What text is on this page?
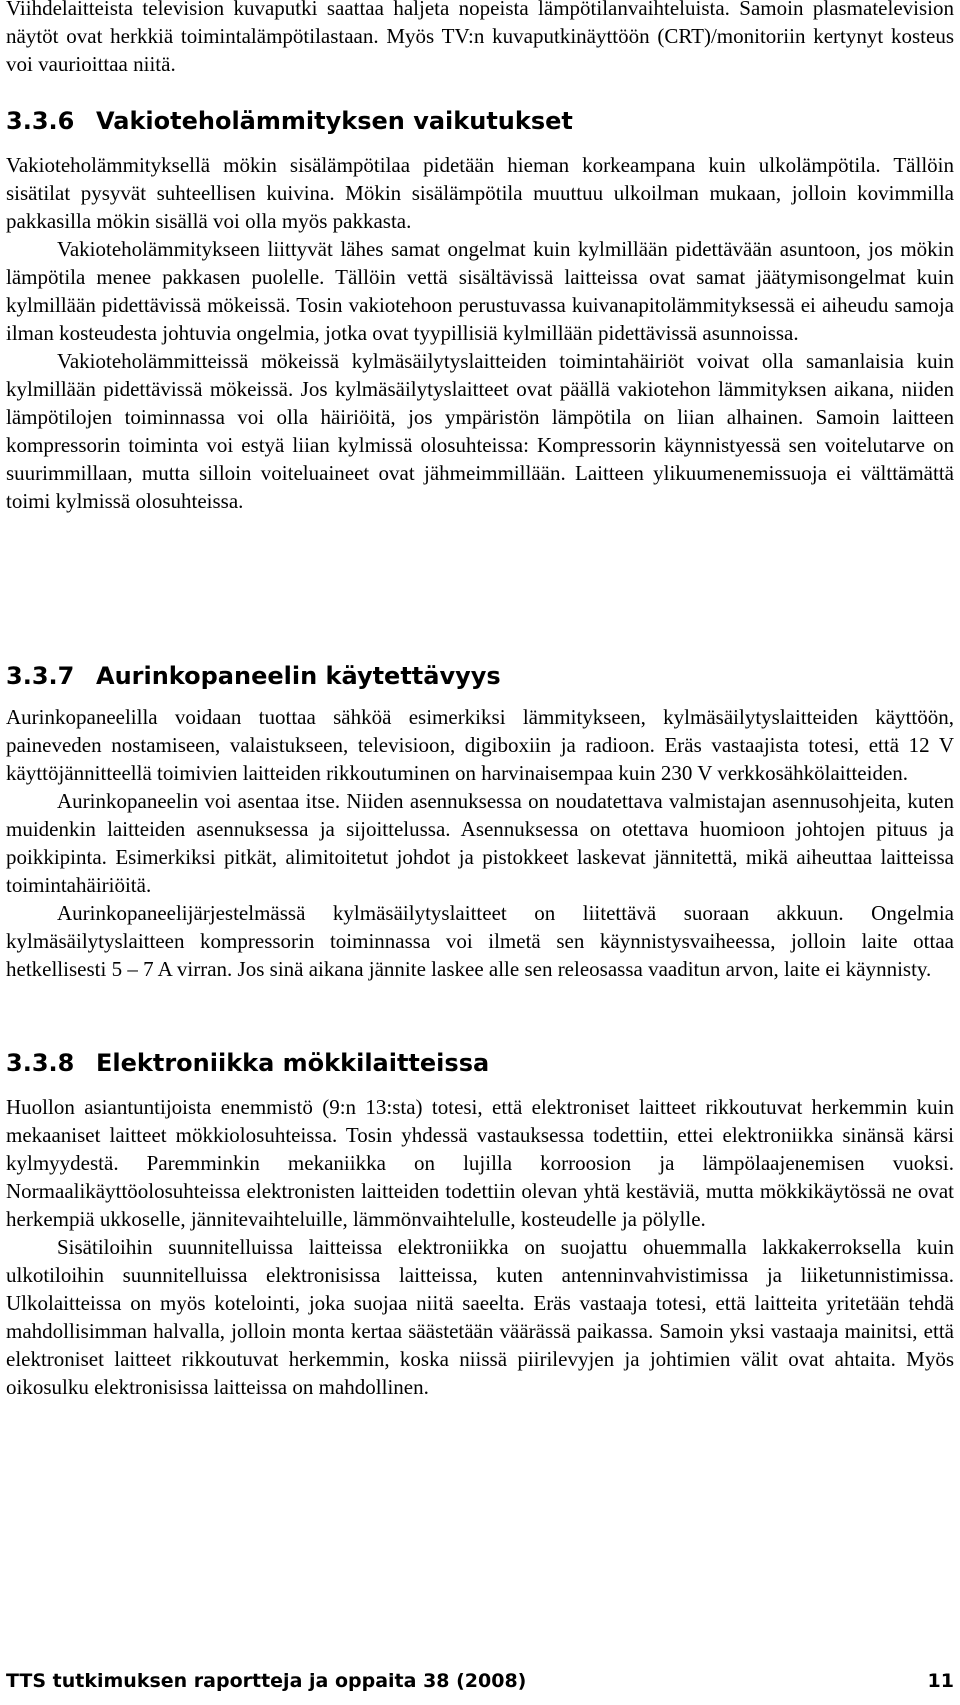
Viihdelaitteista television kuvaputki saattaa haljeta nopeista lämpötilanvaihteluista. Samoin plasmatelevision näytöt ovat herkkiä toimintalämpötilastaan. Myös TV:n kuvaputkinäyttöön (CRT)/monitoriin kertynyt kosteus voi vaurioittaa niitä.

3.3.6 Vakioteholämmityksen vaikutukset

Vakioteholämmityksellä mökin sisälämpötilaa pidetään hieman korkeampana kuin ulkolämpötila. Tällöin sisätilat pysyvät suhteellisen kuivina. Mökin sisälämpötila muuttuu ulkoilman mukaan, jolloin kovimmilla pakkasilla mökin sisällä voi olla myös pakkasta.

Vakioteholämmitykseen liittyvät lähes samat ongelmat kuin kylmillään pidettävään asuntoon, jos mökin lämpötila menee pakkasen puolelle. Tällöin vettä sisältävissä laitteissa ovat samat jäätymisongelmat kuin kylmillään pidettävissä mökeissä. Tosin vakiotehoon perustuvassa kuivanapitolämmityksessä ei aiheudu samoja ilman kosteudesta johtuvia ongelmia, jotka ovat tyypillisiä kylmillään pidettävissä asunnoissa.

Vakioteholämmitteissä mökeissä kylmäsäilytyslaitteiden toimintahäiriöt voivat olla samanlaisia kuin kylmillään pidettävissä mökeissä. Jos kylmäsäilytyslaitteet ovat päällä vakiotehon lämmityksen aikana, niiden lämpötilojen toiminnassa voi olla häiriöitä, jos ympäristön lämpötila on liian alhainen. Samoin laitteen kompressorin toiminta voi estyä liian kylmissä olosuhteissa: Kompressorin käynnistyessä sen voitelutarve on suurimmillaan, mutta silloin voiteluaineet ovat jähmeimmillään. Laitteen ylikuumenemissuoja ei välttämättä toimi kylmissä olosuhteissa.

3.3.7 Aurinkopaneelin käytettävyys

Aurinkopaneelilla voidaan tuottaa sähköä esimerkiksi lämmitykseen, kylmäsäilytyslaitteiden käyttöön, paineveden nostamiseen, valaistukseen, televisioon, digiboxiin ja radioon. Eräs vastaajista totesi, että 12 V käyttöjännitteellä toimivien laitteiden rikkoutuminen on harvinaisempaa kuin 230 V verkkosähkölaitteiden.

Aurinkopaneelin voi asentaa itse. Niiden asennuksessa on noudatettava valmistajan asennusohjeita, kuten muidenkin laitteiden asennuksessa ja sijoittelussa. Asennuksessa on otettava huomioon johtojen pituus ja poikkipinta. Esimerkiksi pitkät, alimitoitetut johdot ja pistokkeet laskevat jännitettä, mikä aiheuttaa laitteissa toimintahäiriöitä.

Aurinkopaneelijärjestelmässä kylmäsäilytyslaitteet on liitettävä suoraan akkuun. Ongelmia kylmäsäilytyslaitteen kompressorin toiminnassa voi ilmetä sen käynnistysvaiheessa, jolloin laite ottaa hetkellisesti 5 – 7 A virran. Jos sinä aikana jännite laskee alle sen releosassa vaaditun arvon, laite ei käynnisty.

3.3.8 Elektroniikka mökkilaitteissa

Huollon asiantuntijoista enemmistö (9:n 13:sta) totesi, että elektroniset laitteet rikkoutuvat herkemmin kuin mekaaniset laitteet mökkiolosuhteissa. Tosin yhdessä vastauksessa todettiin, ettei elektroniikka sinänsä kärsi kylmyydestä. Paremminkin mekaniikka on lujilla korroosion ja lämpölaajenemisen vuoksi. Normaalikäyttöolosuhteissa elektronisten laitteiden todettiin olevan yhtä kestäviä, mutta mökkikäytössä ne ovat herkempiä ukkoselle, jännitevaihteluille, lämmönvaihtelulle, kosteudelle ja pölylle.

Sisätiloihin suunnitelluissa laitteissa elektroniikka on suojattu ohuemmalla lakkakerroksella kuin ulkotiloihin suunnitelluissa elektronisissa laitteissa, kuten antenninvahvistimissa ja liiketunnistimissa. Ulkolaitteissa on myös kotelointi, joka suojaa niitä saeelta. Eräs vastaaja totesi, että laitteita yritetään tehdä mahdollisimman halvalla, jolloin monta kertaa säästetään väärässä paikassa. Samoin yksi vastaaja mainitsi, että elektroniset laitteet rikkoutuvat herkemmin, koska niissä piirilevyjen ja johtimien välit ovat ahtaita. Myös oikosulku elektronisissa laitteissa on mahdollinen.

TTS tutkimuksen raportteja ja oppaita 38 (2008)	11
